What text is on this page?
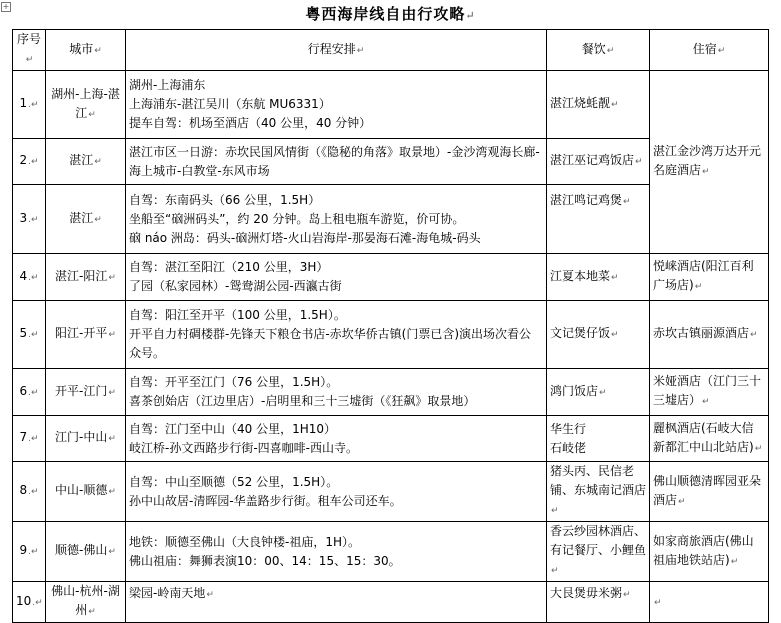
+	粤西海岸线自由行攻略↵
序号↵	城市↵	行程安排↵	餐饮↵	住宿↵
1.↵	湖州-上海-湛江↵	湖州-上海浦东
上海浦东-湛江吴川（东航 MU6331）
提车自驾：机场至酒店（40 公里，40 分钟）	湛江烧蚝靓↵	湛江金沙湾万达开元名庭酒店↵
2.↵	湛江↵	湛江市区一日游：赤坎民国风情街（《隐秘的角落》取景地）-金沙湾观海长廊-海上城市-白教堂-东风市场	湛江巫记鸡饭店↵	
3.↵	湛江↵	自驾：东南码头（66 公里，1.5H）
坐船至“硇洲码头”，约 20 分钟。岛上租电瓶车游览，价可协。
硇 náo 洲岛：码头-硇洲灯塔-火山岩海岸-那晏海石滩-海龟城-码头	湛江鸣记鸡煲↵	
4.↵	湛江-阳江↵	自驾：湛江至阳江（210 公里，3H）
了园（私家园林）-鸳鸯湖公园-西瀛古街	江夏本地菜↵	悦崃酒店(阳江百利广场店)↵
5.↵	阳江-开平↵	自驾：阳江至开平（100 公里，1.5H）。
开平自力村碉楼群-先锋天下粮仓书店-赤坎华侨古镇(门票已含)演出场次看公众号。	文记煲仔饭↵	赤坎古镇丽源酒店↵
6.↵	开平-江门↵	自驾：开平至江门（76 公里，1.5H）。
喜茶创始店（江边里店）-启明里和三十三墟街（《狂飙》取景地）	鸿门饭店↵	米娅酒店（江门三十三墟店）↵
7.↵	江门-中山↵	自驾：江门至中山（40 公里，1H10）
岐江桥-孙文西路步行街-四喜咖啡-西山寺。	华生行
石岐佬	麗枫酒店(石岐大信新都汇中山北站店)↵
8.↵	中山-顺德↵	自驾：中山至顺德（52 公里，1.5H）。
孙中山故居-清晖园-华盖路步行街。租车公司还车。	猪头丙、民信老铺、东城南记酒店↵	佛山顺德清晖园亚朵酒店↵
9.↵	顺德-佛山↵	地铁：顺德至佛山（大良钟楼-祖庙，1H）。
佛山祖庙：舞狮表演10：00、14：15、15：30。	香云纱园林酒店、有记餐厅、小鲤鱼↵	如家商旅酒店(佛山祖庙地铁站店)↵
10.↵	佛山-杭州-湖州↵	梁园-岭南天地↵	大艮煲毋米粥↵	↵
